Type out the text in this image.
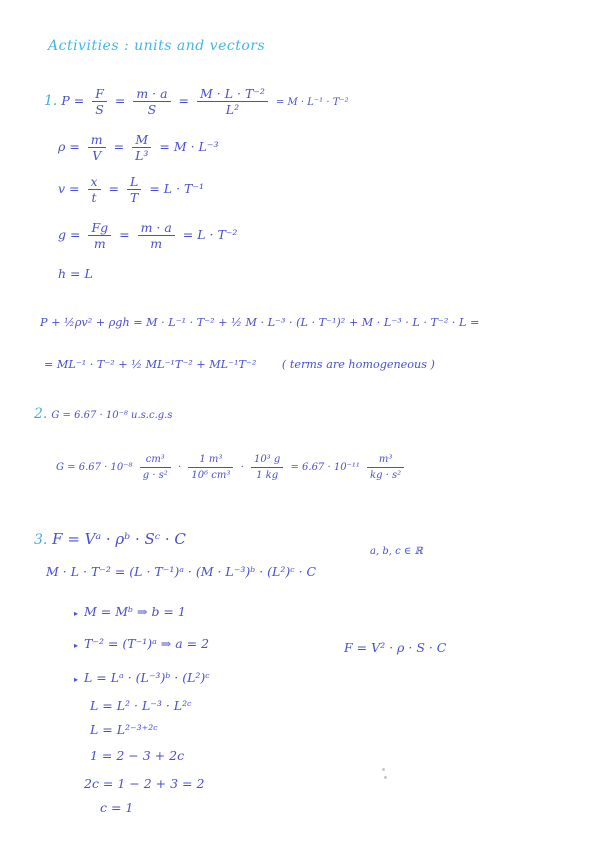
Activities : units and vectors
1. $P = \frac{F}{S} = \frac{m \cdot a}{S} = \frac{\text{M · L · T⁻²}}{\text{L²}} = M \cdot L^{-1} \cdot T^{-2}$
$\rho = \frac{m}{V} = \frac{M}{\text{L³}} = M \cdot L^{-3}$
$v = \frac{x}{t} = \frac{L}{T} = L \cdot T^{-1}$
$g = \frac{Fg}{m} = \frac{m \cdot a}{m} = L \cdot T^{-2}$
h = L
P + ½ρv² + ρgh = M · L⁻¹ · T⁻² + ½ M · L⁻³ · (L · T⁻¹)² + M · L⁻³ · L · T⁻² · L =
= ML⁻¹ · T⁻² + ½ ML⁻¹T⁻² + ML⁻¹T⁻² ( terms are homogeneous )
2. G = 6.67 · 10⁻⁸ u.s.c.g.s
$G = 6.67 \cdot 10^{-8} \frac{\text{cm³}}{\text{g · s²}} \cdot \frac{\text{1 m³}}{\text{10⁶ cm³}} \cdot \frac{\text{10³ g}}{1 kg} = 6.67 \cdot 10^{-11} \frac{\text{m³}}{\text{kg · s²}}$
3. F = Vᵃ · ρᵇ · Sᶜ · C
a, b, c ∈ ℝ
M · L · T⁻² = (L · T⁻¹)ᵃ · (M · L⁻³)ᵇ · (L²)ᶜ · C
▸ M = Mᵇ ⇒ b = 1
▸ T⁻² = (T⁻¹)ᵃ ⇒ a = 2	F = V² · ρ · S · C
▸ L = Lᵃ · (L⁻³)ᵇ · (L²)ᶜ
L = L² · L⁻³ · L²ᶜ
L = L²⁻³⁺²ᶜ
1 = 2 − 3 + 2c
2c = 1 − 2 + 3 = 2
c = 1
